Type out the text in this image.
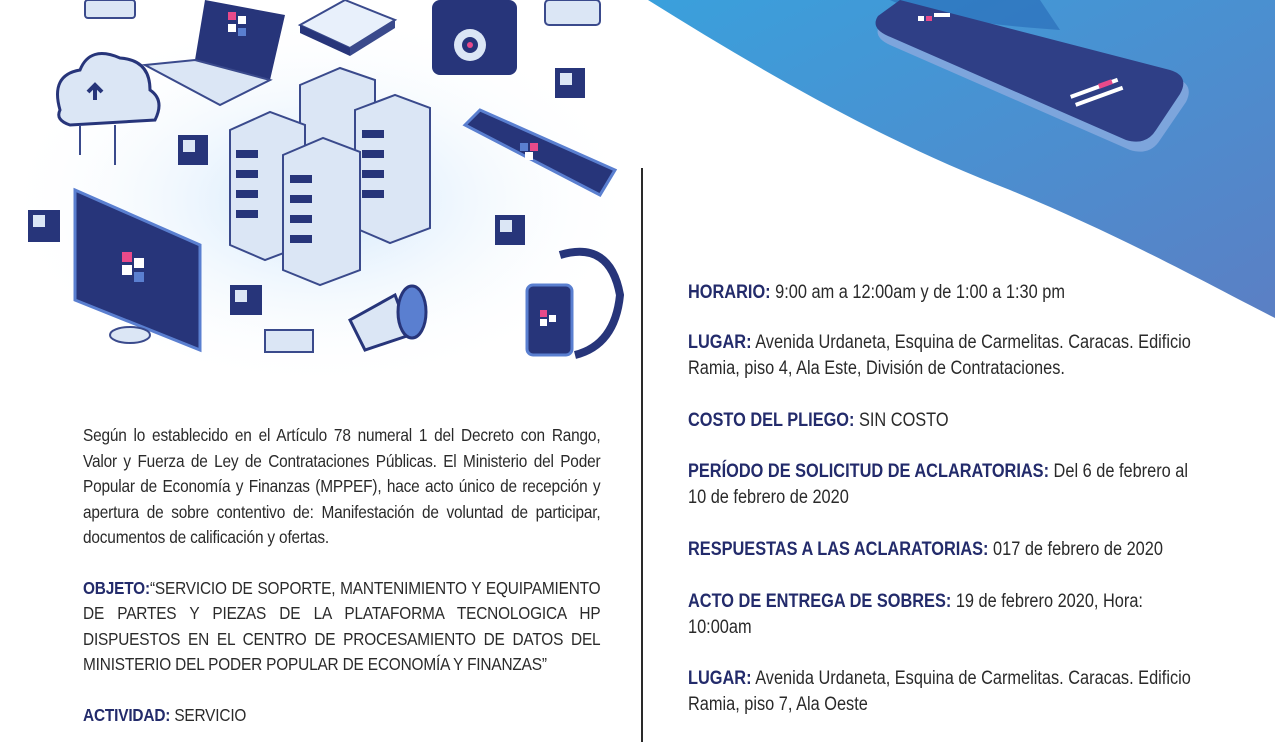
Según lo establecido en el Artículo 78 numeral 1 del Decreto con Rango, Valor y Fuerza de Ley de Contrataciones Públicas. El Ministerio del Poder Popular de Economía y Finanzas (MPPEF), hace acto único de recepción y apertura de sobre contentivo de: Manifestación de voluntad de participar, documentos de calificación y ofertas.

OBJETO:“SERVICIO DE SOPORTE, MANTENIMIENTO Y EQUIPAMIENTO DE PARTES Y PIEZAS DE LA PLATAFORMA TECNOLOGICA HP DISPUESTOS EN EL CENTRO DE PROCESAMIENTO DE DATOS DEL MINISTERIO DEL PODER POPULAR DE ECONOMÍA Y FINANZAS”

ACTIVIDAD: SERVICIO

HORARIO: 9:00 am a 12:00am y de 1:00 a 1:30 pm

LUGAR: Avenida Urdaneta, Esquina de Carmelitas. Caracas. Edificio Ramia, piso 4, Ala Este, División de Contrataciones.

COSTO DEL PLIEGO: SIN COSTO

PERÍODO DE SOLICITUD DE ACLARATORIAS: Del 6 de febrero al 10 de febrero de 2020

RESPUESTAS A LAS ACLARATORIAS: 017 de febrero de 2020

ACTO DE ENTREGA DE SOBRES: 19 de febrero 2020, Hora: 10:00am

LUGAR: Avenida Urdaneta, Esquina de Carmelitas. Caracas. Edificio Ramia, piso 7, Ala Oeste
